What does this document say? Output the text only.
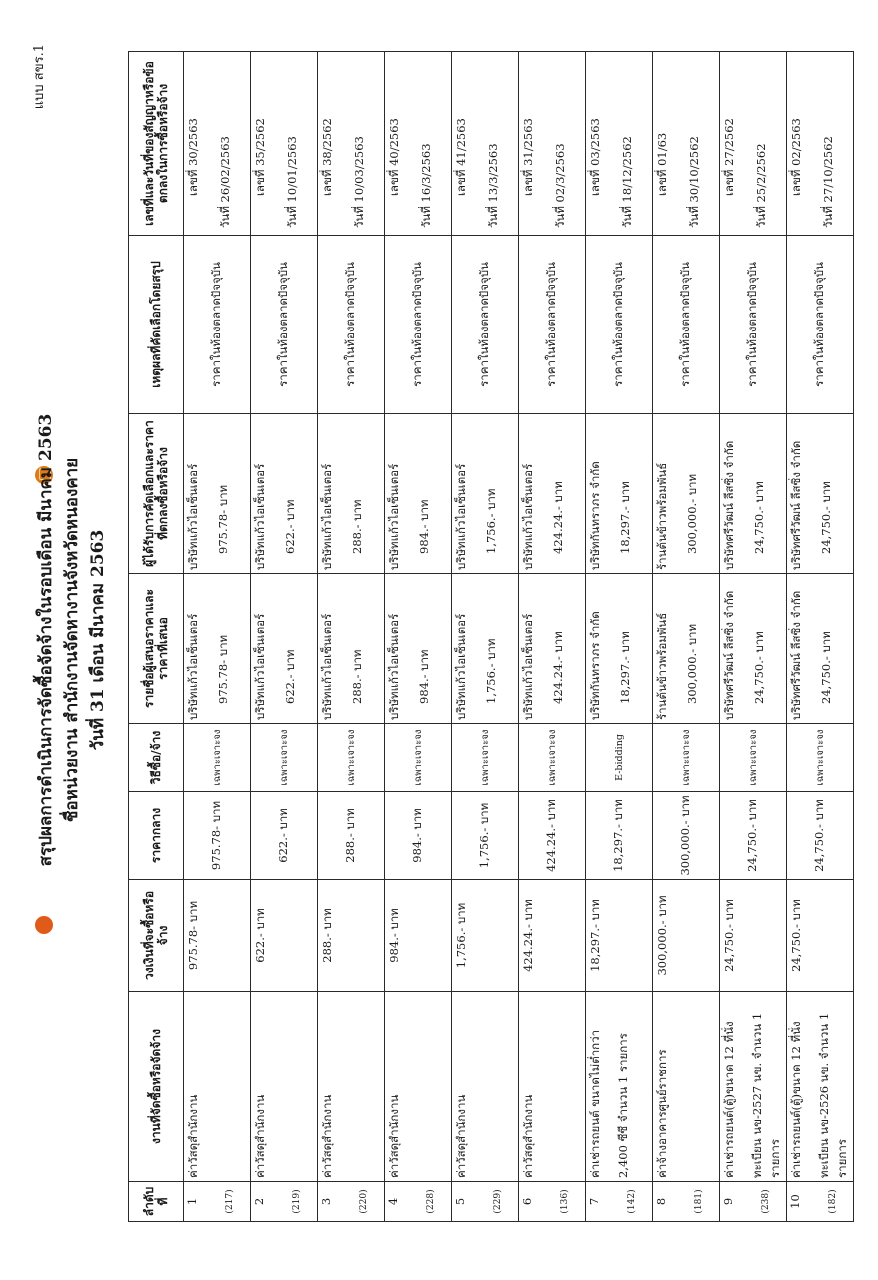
แบบ สขร.1
สรุปผลการดำเนินการจัดซื้อจัดจ้างในรอบเดือน มีนาคม 2563 ชื่อหน่วยงาน สำนักงานจัดหางานจังหวัดหนองคาย วันที่ 31 เดือน มีนาคม 2563
ลำดับที่	งานที่จัดซื้อหรือจัดจ้าง	วงเงินที่จะซื้อหรือจ้าง	ราคากลาง	วิธีซื้อ/จ้าง	รายชื่อผู้เสนอราคาและราคาที่เสนอ	ผู้ได้รับการคัดเลือกและราคาที่ตกลงซื้อหรือจ้าง	เหตุผลที่คัดเลือกโดยสรุป	เลขที่และวันที่ของสัญญาหรือข้อตกลงในการซื้อหรือจ้าง
1 (217)	ค่าวัสดุสำนักงาน	975.78- บาท	975.78- บาท	เฉพาะเจาะจง	บริษัทแก้วไอเซ็นเตอร์ 975.78- บาท	บริษัทแก้วไอเซ็นเตอร์ 975.78- บาท	ราคาในท้องตลาดปัจจุบัน	เลขที่ 30/2563 วันที่ 26/02/2563

2 (219)	ค่าวัสดุสำนักงาน	622.- บาท	622.- บาท	เฉพาะเจาะจง	บริษัทแก้วไอเซ็นเตอร์ 622.- บาท	บริษัทแก้วไอเซ็นเตอร์ 622.- บาท	ราคาในท้องตลาดปัจจุบัน	เลขที่ 35/2562 วันที่ 10/01/2563

3 (220)	ค่าวัสดุสำนักงาน	288.- บาท	288.- บาท	เฉพาะเจาะจง	บริษัทแก้วไอเซ็นเตอร์ 288.- บาท	บริษัทแก้วไอเซ็นเตอร์ 288.- บาท	ราคาในท้องตลาดปัจจุบัน	เลขที่ 38/2562 วันที่ 10/03/2563

4 (228)	ค่าวัสดุสำนักงาน	984.- บาท	984.- บาท	เฉพาะเจาะจง	บริษัทแก้วไอเซ็นเตอร์ 984.- บาท	บริษัทแก้วไอเซ็นเตอร์ 984.- บาท	ราคาในท้องตลาดปัจจุบัน	เลขที่ 40/2563 วันที่ 16/3/2563

5 (229)	ค่าวัสดุสำนักงาน	1,756.- บาท	1,756.- บาท	เฉพาะเจาะจง	บริษัทแก้วไอเซ็นเตอร์ 1,756.- บาท	บริษัทแก้วไอเซ็นเตอร์ 1,756.- บาท	ราคาในท้องตลาดปัจจุบัน	เลขที่ 41/2563 วันที่ 13/3/2563

6 (136)	ค่าวัสดุสำนักงาน	424.24.- บาท	424.24.- บาท	เฉพาะเจาะจง	บริษัทแก้วไอเซ็นเตอร์ 424.24.- บาท	บริษัทแก้วไอเซ็นเตอร์ 424.24.- บาท	ราคาในท้องตลาดปัจจุบัน	เลขที่ 31/2563 วันที่ 02/3/2563

7 (142)	ค่าเช่ารถยนต์ ขนาดไม่ต่ำกว่า 2,400 ซีซี จำนวน 1 รายการ	18,297.- บาท	18,297.- บาท	E-bidding	บริษัทกันทราภร จำกัด 18,297.- บาท	บริษัทกันทราภร จำกัด 18,297.- บาท	ราคาในท้องตลาดปัจจุบัน	เลขที่ 03/2563 วันที่ 18/12/2562

8 (181)	ค่าจ้างอาคารศูนย์ราชการ	300,000.- บาท	300,000.- บาท	เฉพาะเจาะจง	ร้านต้นข้าวพร้อมพันธ์ 300,000.- บาท	ร้านต้นข้าวพร้อมพันธ์ 300,000.- บาท	ราคาในท้องตลาดปัจจุบัน	เลขที่ 01/63 วันที่ 30/10/2562

9 (238)	ค่าเช่ารถยนต์(ตู้)ขนาด 12 ที่นั่ง ทะเบียน นข-2527 นข. จำนวน 1 รายการ	24,750.- บาท	24,750.- บาท	เฉพาะเจาะจง	บริษัทศรีวัฒน์ ลีสซิ่ง จำกัด 24,750.- บาท	บริษัทศรีวัฒน์ ลีสซิ่ง จำกัด 24,750.- บาท	ราคาในท้องตลาดปัจจุบัน	เลขที่ 27/2562 วันที่ 25/2/2562

10 (182)	ค่าเช่ารถยนต์(ตู้)ขนาด 12 ที่นั่ง ทะเบียน นข-2526 นข. จำนวน 1 รายการ	24,750.- บาท	24,750.- บาท	เฉพาะเจาะจง	บริษัทศรีวัฒน์ ลีสซิ่ง จำกัด 24,750.- บาท	บริษัทศรีวัฒน์ ลีสซิ่ง จำกัด 24,750.- บาท	ราคาในท้องตลาดปัจจุบัน	เลขที่ 02/2563 วันที่ 27/10/2562
